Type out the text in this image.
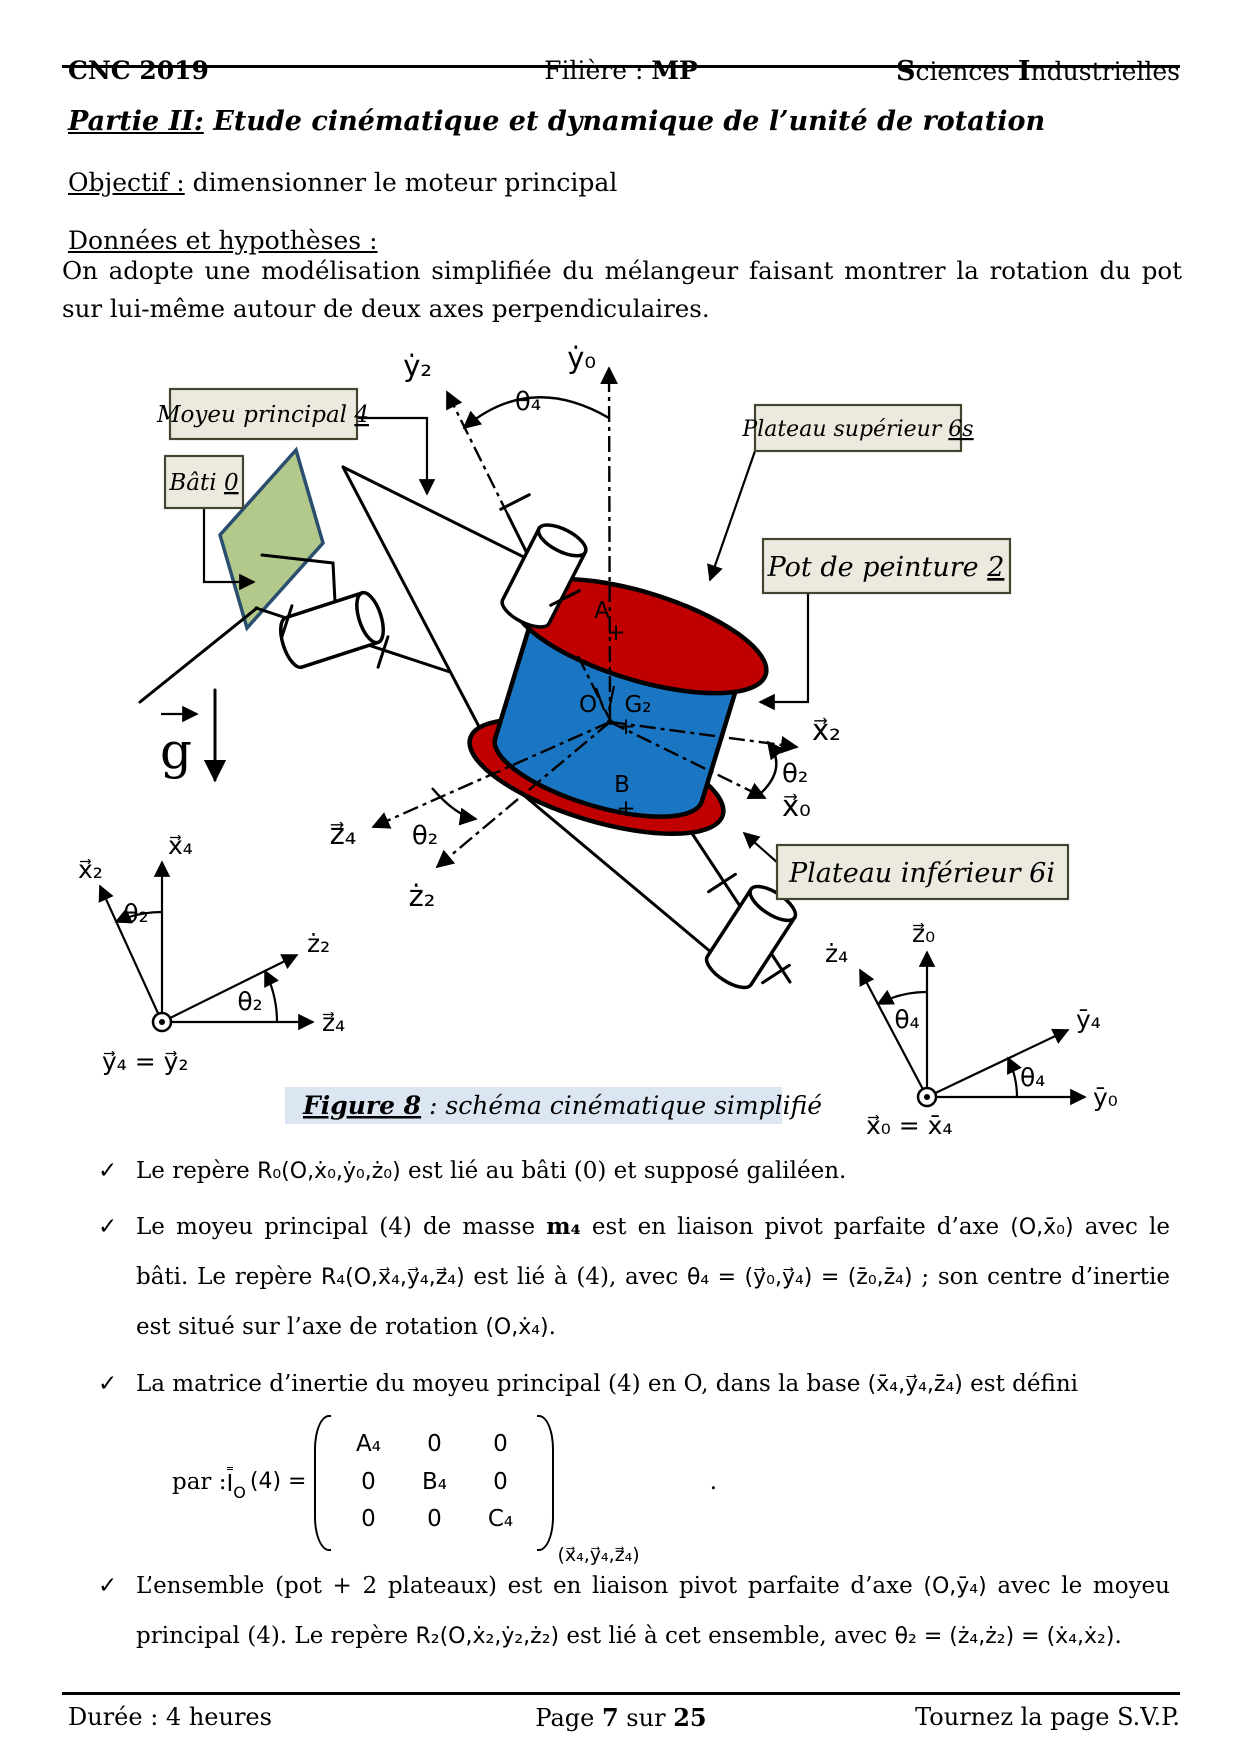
CNC 2019	Filière : MP	Sciences Industrielles
Partie II: Etude cinématique et dynamique de l’unité de rotation
Objectif : dimensionner le moteur principal
Données et hypothèses :

On adopte une modélisation simplifiée du mélangeur faisant montrer la rotation du pot sur lui-même autour de deux axes perpendiculaires.

g
ẏ₂	ẏ₀
θ₄
x⃗₂
x⃗₀
θ₂
z⃗₄ θ₂
ż₂
A
+
O G₂
+
B
+
Moyeu principal 4
Bâti 0
Plateau supérieur 6s
Pot de peinture 2
Plateau inférieur 6i
x⃗₂
x⃗₄
θ₂
ż₂
z⃗₄
θ₂
y⃗₄ = y⃗₂
ż₄
z⃗₀
θ₄	ȳ₄
ȳ₀
θ₄
x⃗₀ = x̄₄
Figure 8 : schéma cinématique simplifié
✓ Le repère R₀(O,ẋ₀,ẏ₀,ż₀) est lié au bâti (0) et supposé galiléen.
✓ Le moyeu principal (4) de masse m₄ est en liaison pivot parfaite d’axe (O,x̄₀) avec le bâti. Le repère R₄(O,x⃗₄,y⃗₄,z⃗₄) est lié à (4), avec θ₄ = (y⃗₀,y⃗₄) = (z̄₀,z̄₄) ; son centre d’inertie est situé sur l’axe de rotation (O,ẋ₄).
✓ La matrice d’inertie du moyeu principal (4) en O, dans la base (x̄₄,y⃗₄,z̄₄) est défini
par : $I_O$ (4) =
A₄	0	0
0	B₄	0
0	0	C₄
$_{(x⃗_4,y⃗_4,z⃗_4)}$
.
✓ L’ensemble (pot + 2 plateaux) est en liaison pivot parfaite d’axe (O,ȳ₄) avec le moyeu principal (4). Le repère R₂(O,ẋ₂,ẏ₂,ż₂) est lié à cet ensemble, avec θ₂ = (ż₄,ż₂) = (ẋ₄,ẋ₂).
Durée : 4 heures	Page 7 sur 25	Tournez la page S.V.P.
